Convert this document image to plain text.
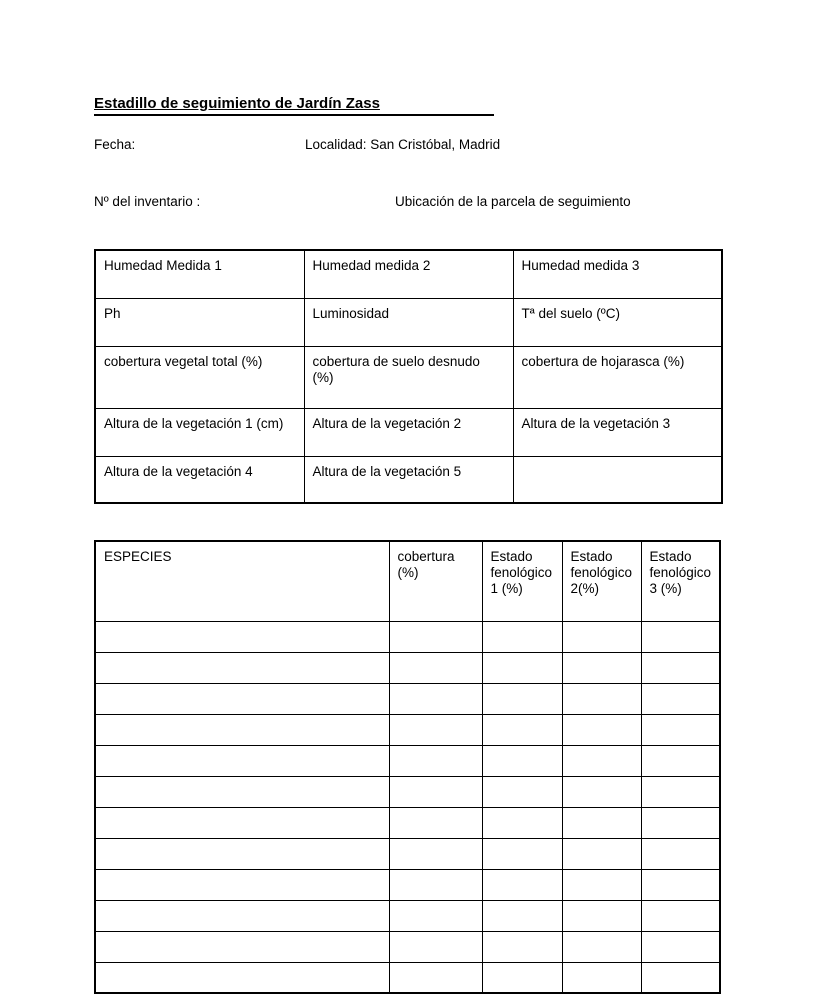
Estadillo de seguimiento de Jardín Zass
Fecha:	Localidad: San Cristóbal, Madrid
Nº del inventario :	Ubicación de la parcela de seguimiento
Humedad Medida 1	Humedad medida 2	Humedad medida 3
Ph	Luminosidad	Tª del suelo (ºC)
cobertura vegetal total (%)	cobertura de suelo desnudo (%)	cobertura de hojarasca (%)
Altura de la vegetación 1 (cm)	Altura de la vegetación 2	Altura de la vegetación 3
Altura de la vegetación 4	Altura de la vegetación 5	
ESPECIES	cobertura (%)	Estado fenológico 1 (%)	Estado fenológico 2(%)	Estado fenológico 3 (%)
